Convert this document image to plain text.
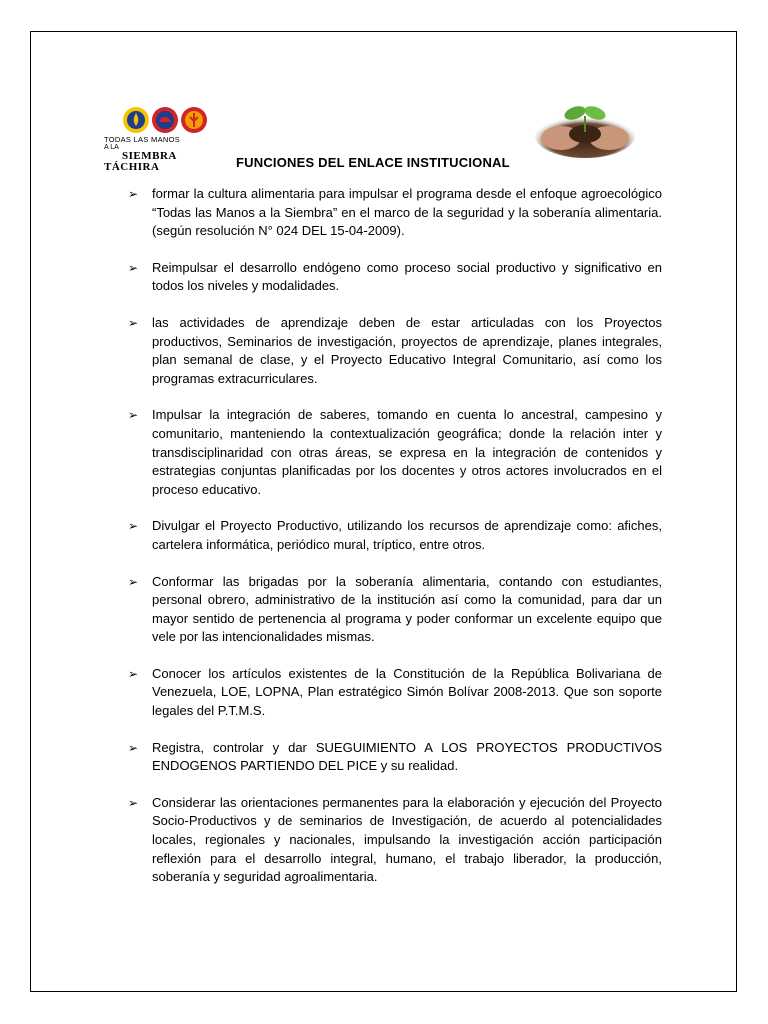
TODAS LAS MANOS
A LA
SIEMBRA
TÁCHIRA	FUNCIONES DEL ENLACE INSTITUCIONAL
➢ formar la cultura alimentaria para impulsar el programa desde el enfoque agroecológico “Todas las Manos a la Siembra” en el marco de la seguridad y la soberanía alimentaria. (según resolución N° 024 DEL 15-04-2009).
➢ Reimpulsar el desarrollo endógeno como proceso social productivo y significativo en todos los niveles y modalidades.
➢ las actividades de aprendizaje deben de estar articuladas con los Proyectos productivos, Seminarios de investigación, proyectos de aprendizaje, planes integrales, plan semanal de clase, y el Proyecto Educativo Integral Comunitario, así como los programas extracurriculares.
➢ Impulsar la integración de saberes, tomando en cuenta lo ancestral, campesino y comunitario, manteniendo la contextualización geográfica; donde la relación inter y transdisciplinaridad con otras áreas, se expresa en la integración de contenidos y estrategias conjuntas planificadas por los docentes y otros actores involucrados en el proceso educativo.
➢ Divulgar el Proyecto Productivo, utilizando los recursos de aprendizaje como: afiches, cartelera informática, periódico mural, tríptico, entre otros.
➢ Conformar las brigadas por la soberanía alimentaria, contando con estudiantes, personal obrero, administrativo de la institución así como la comunidad, para dar un mayor sentido de pertenencia al programa y poder conformar un excelente equipo que vele por las intencionalidades mismas.
➢ Conocer los artículos existentes de la Constitución de la República Bolivariana de Venezuela, LOE, LOPNA, Plan estratégico Simón Bolívar 2008-2013. Que son soporte legales del P.T.M.S.
➢ Registra, controlar y dar SUEGUIMIENTO A LOS PROYECTOS PRODUCTIVOS ENDOGENOS PARTIENDO DEL PICE y su realidad.
➢ Considerar las orientaciones permanentes para la elaboración y ejecución del Proyecto Socio-Productivos y de seminarios de Investigación, de acuerdo al potencialidades locales, regionales y nacionales, impulsando la investigación acción participación reflexión para el desarrollo integral, humano, el trabajo liberador, la producción, soberanía y seguridad agroalimentaria.
